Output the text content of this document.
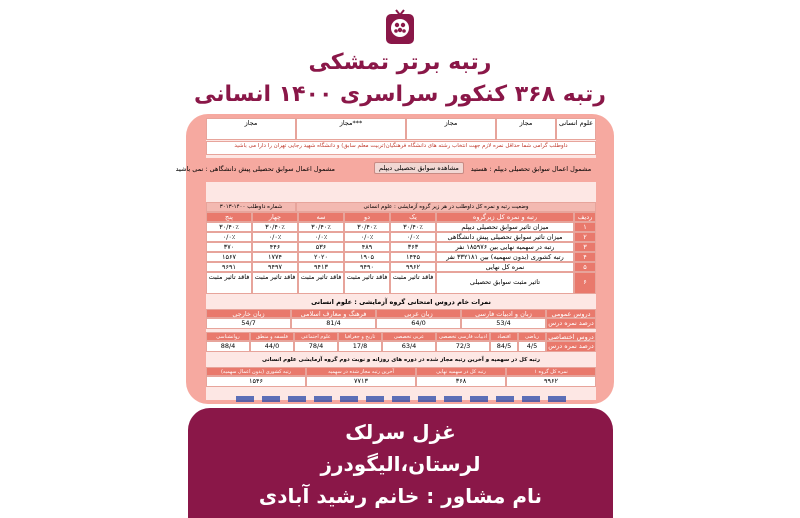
رتبه برتر تمشکی
رتبه ۳۶۸ کنکور سراسری ۱۴۰۰ انسانی
علوم انسانی
مجاز
مجاز
***مجاز
مجاز
داوطلب گرامی شما حداقل نمره لازم جهت انتخاب رشته های دانشگاه فرهنگیان(تربیت معلم سابق) و دانشگاه شهید رجایی تهران را دارا می باشید
مشمول اعمال سوابق تحصیلی دیپلم : هستید
مشمول اعمال سوابق تحصیلی پیش دانشگاهی : نمی باشید	مشاهده سوابق تحصیلی دیپلم
وضعیت رتبه و نمره کل داوطلب در هر زیر گروه آزمایشی : علوم انسانی
شماره داوطلب ۱۴۰۰-۳۰۱۳
ردیف
رتبه و نمره کل زیرگروه
یک
دو
سه
چهار
پنج
۱
میزان تاثیر سوابق تحصیلی دیپلم
۴۰٪/۳۰
۴۰٪/۳۰
۴۰٪/۳۰
۴۰٪/۳۰
۴۰٪/۳۰
۲
میزان تاثیر سوابق تحصیلی پیش دانشگاهی
۰٪/۰
۰٪/۰
۰٪/۰
۰٪/۰
۰٪/۰
۳
رتبه در سهمیه نهایی بین ۱۸۵۹۷۶ نفر
۳۶۳
۴۸۹
۵۳۶
۴۴۶
۳۷۰
۴
رتبه کشوری (بدون سهمیه) بین ۳۳۲۱۸۱ نفر
۱۴۴۵
۱۹۰۵
۲۰۲۰
۱۷۷۴
۱۵۶۷
۵
نمره کل نهایی
۹۹۶۲
۹۴۹۰
۹۴۱۳
۹۴۹۷
۹۶۹۱
۶
تاثیر مثبت سوابق تحصیلی
فاقد تاثیر مثبت
فاقد تاثیر مثبت
فاقد تاثیر مثبت
فاقد تاثیر مثبت
فاقد تاثیر مثبت
نمرات خام دروس امتحانی گروه آزمایشی : علوم انسانی
دروس عمومی
زبان و ادبیات فارسی
زبان عربی
فرهنگ و معارف اسلامی
زبان خارجی
درصد نمره درس
53/4
64/0
81/4
54/7
دروس اختصاصی
ریاضی
اقتصاد
ادبیات فارسی تخصصی
عربی تخصصی
تاریخ و جغرافیا
علوم اجتماعی
فلسفه و منطق
روانشناسی
درصد نمره درس
4/5
84/5
72/3
63/4
17/8
78/4
44/0
88/4
رتبه کل در سهمیه و آخرین رتبه مجاز شده در دوره های روزانه و نوبت دوم گروه آزمایشی علوم انسانی
نمره کل گروه ۱
رتبه کل در سهمیه نهایی
آخرین رتبه مجاز شده در سهمیه
رتبه کشوری (بدون اعمال سهمیه)
۹۹۶۲
۳۶۸
۷۷۱۳
۱۵۴۶
غزل سرلک
لرستان،الیگودرز
نام مشاور : خانم رشید آبادی
